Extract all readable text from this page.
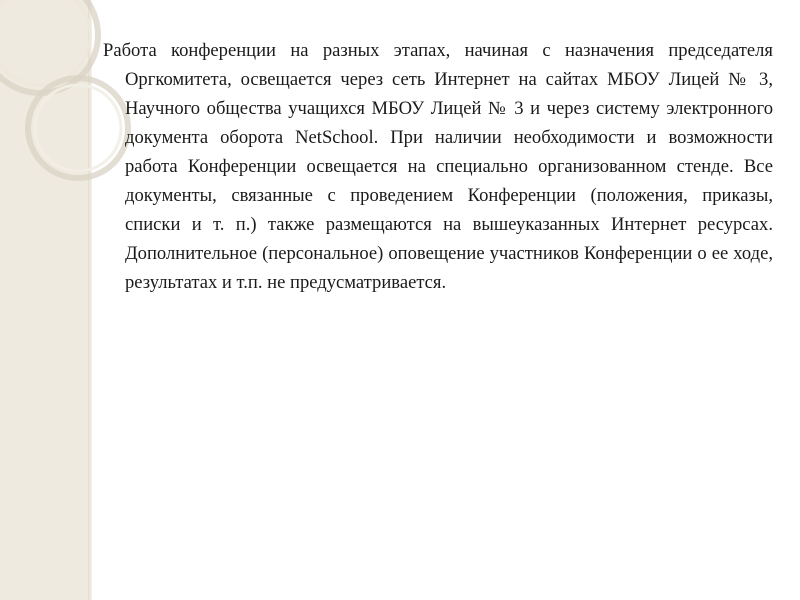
Работа конференции на разных этапах, начиная с назначения председателя Оргкомитета, освещается через сеть Интернет на сайтах МБОУ Лицей № 3, Научного общества учащихся МБОУ Лицей № 3 и через систему электронного документа оборота NetSchool. При наличии необходимости и возможности работа Конференции освещается на специально организованном стенде. Все документы, связанные с проведением Конференции (положения, приказы, списки и т. п.) также размещаются на вышеуказанных Интернет ресурсах. Дополнительное (персональное) оповещение участников Конференции о ее ходе, результатах и т.п. не предусматривается.
